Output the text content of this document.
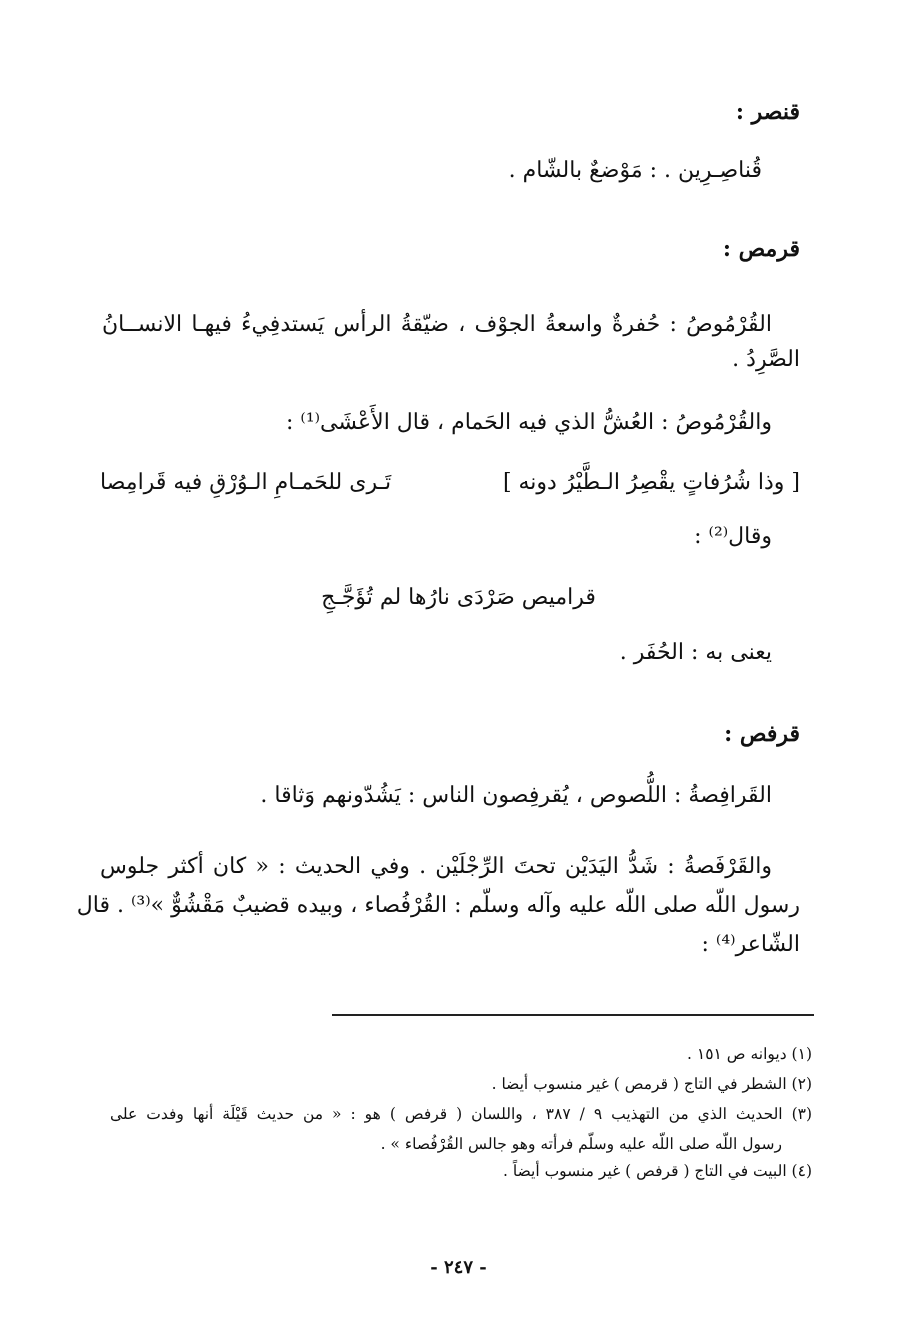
قنصر :

قُناصِـرِين . : مَوْضعٌ بالشّام .

قرمص :

القُرْمُوصُ : حُفرةٌ واسعةُ الجوْف ، ضيّقةُ الرأس يَستدفِيءُ فيهـا الانســانُ

الصَّرِدُ .

والقُرْمُوصُ : العُشُّ الذي فيه الحَمام ، قال الأَعْشَى⁽¹⁾ :

[ وذا شُرُفاتٍ يقْصِرُ الـطَّيْرُ دونه ]

تَـرى للحَمـامِ الـوُرْقِ فيه قَرامِصا

وقال⁽²⁾ :

قراميص صَرْدَى نارُها لم تُؤَجَّـجِ

يعنى به : الحُفَر .

قرفص :

القَرافِصةُ : اللُّصوص ، يُقرفِصون الناس : يَشُدّونهم وَثاقا .

والقَرْفَصةُ : شَدُّ اليَدَيْن تحتَ الرِّجْلَيْن . وفي الحديث : « كان أكثر جلوس

رسول اللّه صلى اللّه عليه وآله وسلّم : القُرْفُصاء ، وبيده قضيبٌ مَقْشُوٌّ »⁽³⁾ . قال

الشّاعر⁽⁴⁾ :

(١) ديوانه ص ١٥١ .

(٢) الشطر في التاج ( قرمص ) غير منسوب أيضا .

(٣) الحديث الذي من التهذيب ٩ / ٣٨٧ ، واللسان ( قرفص ) هو : « من حديث قَيْلَة أنها وفدت على

رسول اللّه صلى اللّه عليه وسلّم فرأته وهو جالس القُرْفُصاء » .

(٤) البيت في التاج ( قرفص ) غير منسوب أيضاً .

- ٢٤٧ -
